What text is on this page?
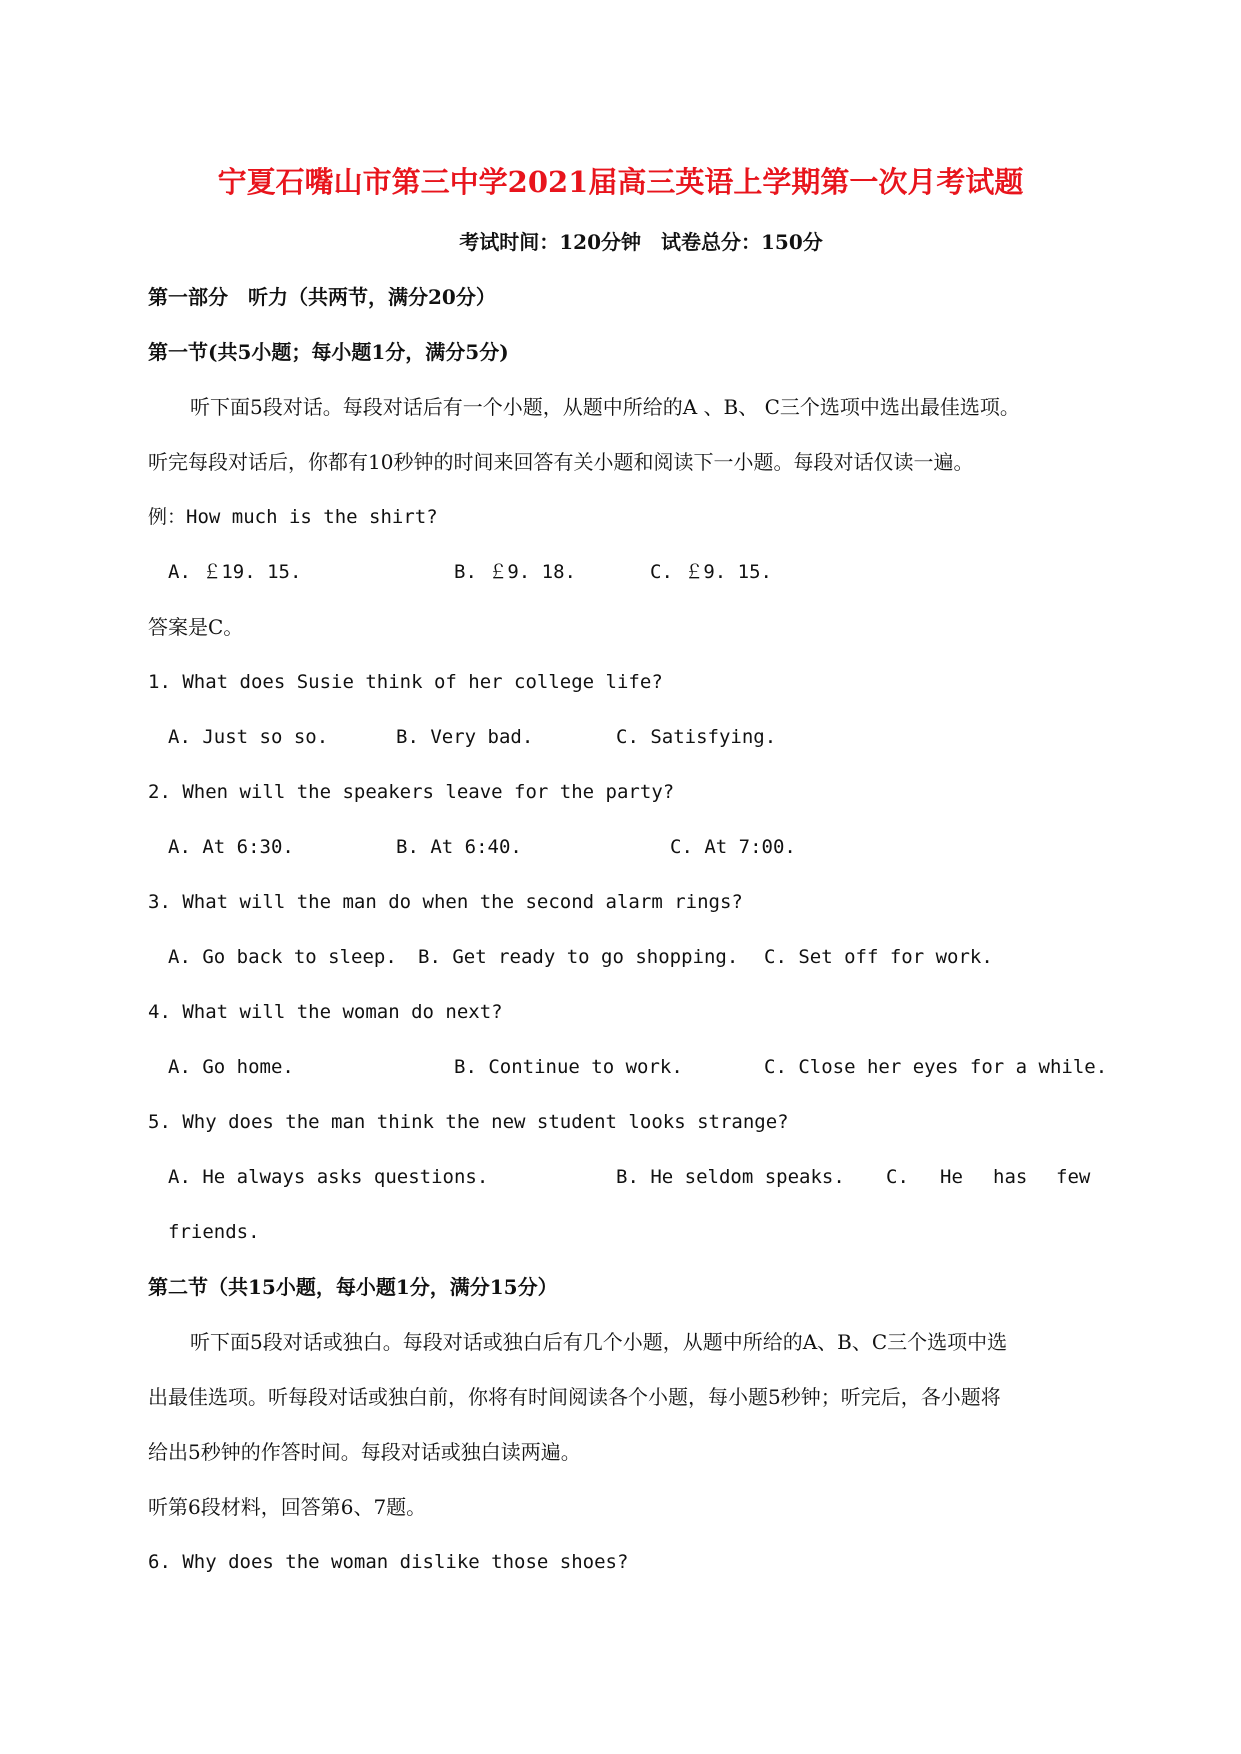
宁夏石嘴山市第三中学2021届高三英语上学期第一次月考试题
考试时间：120分钟　试卷总分：150分
第一部分　听力（共两节，满分20分）
第一节(共5小题；每小题1分，满分5分)
听下面5段对话。每段对话后有一个小题，从题中所给的A 、B、 C三个选项中选出最佳选项。
听完每段对话后，你都有10秒钟的时间来回答有关小题和阅读下一小题。每段对话仅读一遍。
例：How much is the shirt?
A. ￡19. 15.	B. ￡9. 18.	C. ￡9. 15.
答案是C。
1. What does Susie think of her college life?
A. Just so so.	B. Very bad.	C. Satisfying.
2. When will the speakers leave for the party?
A. At 6:30.	B. At 6:40.	C. At 7:00.
3. What will the man do when the second alarm rings?
A. Go back to sleep. B. Get ready to go shopping. C. Set off for work.
4. What will the woman do next?
A. Go home.	B. Continue to work.	C. Close her eyes for a while.
5. Why does the man think the new student looks strange?
A. He always asks questions.	B. He seldom speaks. C. He has few
friends.
第二节（共15小题，每小题1分，满分15分）
听下面5段对话或独白。每段对话或独白后有几个小题，从题中所给的A、B、C三个选项中选
出最佳选项。听每段对话或独白前，你将有时间阅读各个小题，每小题5秒钟；听完后，各小题将
给出5秒钟的作答时间。每段对话或独白读两遍。
听第6段材料，回答第6、7题。
6. Why does the woman dislike those shoes?
